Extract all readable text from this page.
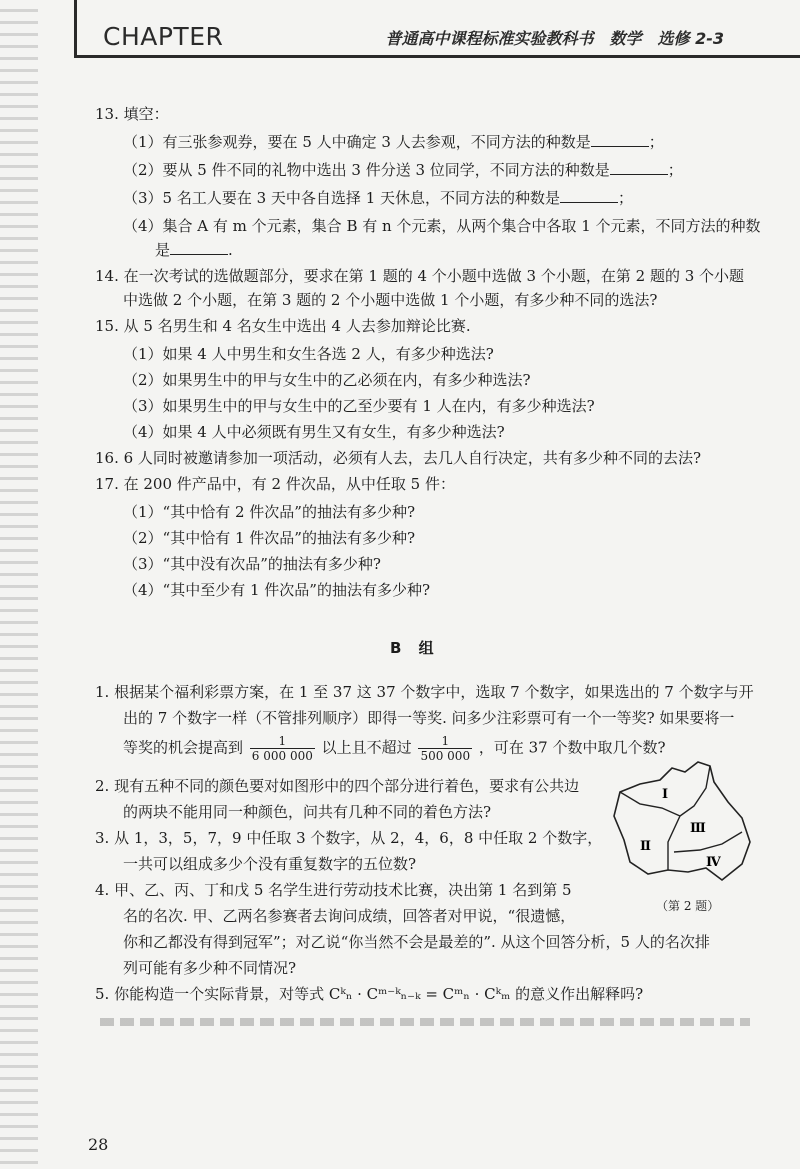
CHAPTER	普通高中课程标准实验教科书　数学　选修 2-3
13. 填空：
（1）有三张参观券，要在 5 人中确定 3 人去参观，不同方法的种数是	；
（2）要从 5 件不同的礼物中选出 3 件分送 3 位同学，不同方法的种数是	；
（3）5 名工人要在 3 天中各自选择 1 天休息，不同方法的种数是	；
（4）集合 A 有 m 个元素，集合 B 有 n 个元素，从两个集合中各取 1 个元素，不同方法的种数
是	.
14. 在一次考试的选做题部分，要求在第 1 题的 4 个小题中选做 3 个小题，在第 2 题的 3 个小题
中选做 2 个小题，在第 3 题的 2 个小题中选做 1 个小题，有多少种不同的选法?
15. 从 5 名男生和 4 名女生中选出 4 人去参加辩论比赛.
（1）如果 4 人中男生和女生各选 2 人，有多少种选法?
（2）如果男生中的甲与女生中的乙必须在内，有多少种选法?
（3）如果男生中的甲与女生中的乙至少要有 1 人在内，有多少种选法?
（4）如果 4 人中必须既有男生又有女生，有多少种选法?
16. 6 人同时被邀请参加一项活动，必须有人去，去几人自行决定，共有多少种不同的去法?
17. 在 200 件产品中，有 2 件次品，从中任取 5 件：
（1）“其中恰有 2 件次品”的抽法有多少种?
（2）“其中恰有 1 件次品”的抽法有多少种?
（3）“其中没有次品”的抽法有多少种?
（4）“其中至少有 1 件次品”的抽法有多少种?
1. 根据某个福利彩票方案，在 1 至 37 这 37 个数字中，选取 7 个数字，如果选出的 7 个数字与开
出的 7 个数字一样（不管排列顺序）即得一等奖. 问多少注彩票可有一个一等奖? 如果要将一
等奖的机会提高到 $\frac{1}{6 000 000}$ 以上且不超过 $\frac{1}{500 000}$ ，可在 37 个数中取几个数?
2. 现有五种不同的颜色要对如图形中的四个部分进行着色，要求有公共边
的两块不能用同一种颜色，问共有几种不同的着色方法?
3. 从 1，3，5，7，9 中任取 3 个数字，从 2，4，6，8 中任取 2 个数字，
一共可以组成多少个没有重复数字的五位数?
4. 甲、乙、丙、丁和戊 5 名学生进行劳动技术比赛，决出第 1 名到第 5
名的名次. 甲、乙两名参赛者去询问成绩，回答者对甲说，“很遗憾，
你和乙都没有得到冠军”；对乙说“你当然不会是最差的”. 从这个回答分析，5 人的名次排
列可能有多少种不同情况?
5. 你能构造一个实际背景，对等式 Cᵏₙ · Cᵐ⁻ᵏₙ₋ₖ = Cᵐₙ · Cᵏₘ 的意义作出解释吗?
B 组
Ⅰ
Ⅱ
Ⅲ
Ⅳ
（第 2 题）
28
